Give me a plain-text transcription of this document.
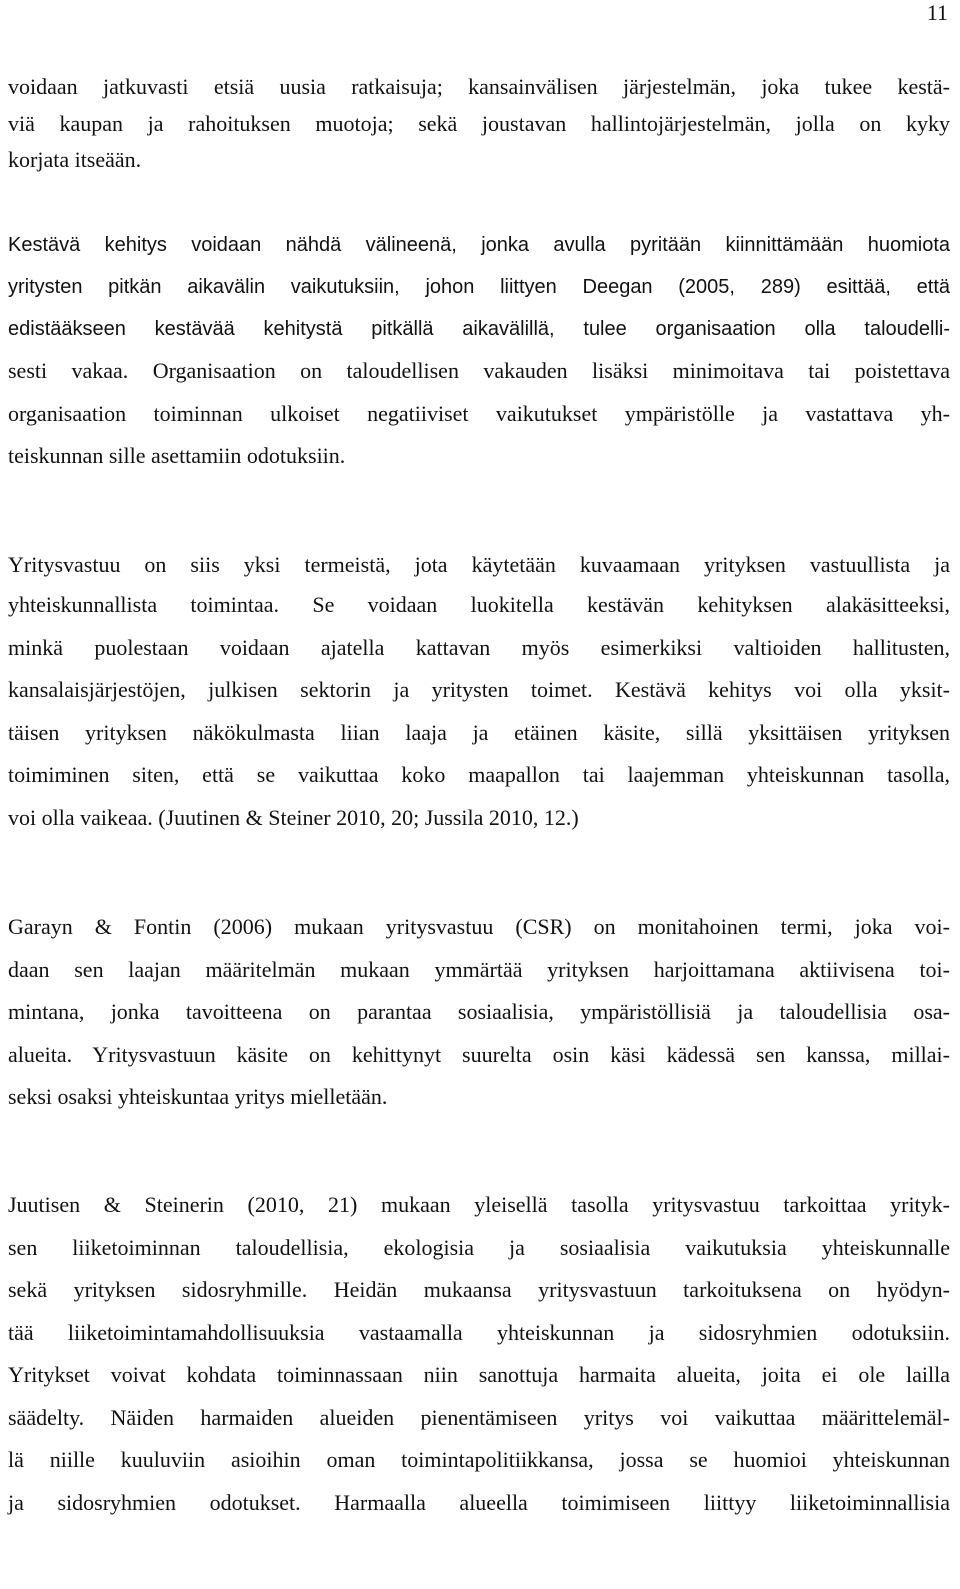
11
voidaan jatkuvasti etsiä uusia ratkaisuja; kansainvälisen järjestelmän, joka tukee kestä-
viä kaupan ja rahoituksen muotoja; sekä joustavan hallintojärjestelmän, jolla on kyky
korjata itseään.
Kestävä kehitys voidaan nähdä välineenä, jonka avulla pyritään kiinnittämään huomiota
yritysten pitkän aikavälin vaikutuksiin, johon liittyen Deegan (2005, 289) esittää, että
edistääkseen kestävää kehitystä pitkällä aikavälillä, tulee organisaation olla taloudelli-
sesti vakaa. Organisaation on taloudellisen vakauden lisäksi minimoitava tai poistettava
organisaation toiminnan ulkoiset negatiiviset vaikutukset ympäristölle ja vastattava yh-
teiskunnan sille asettamiin odotuksiin.
Yritysvastuu on siis yksi termeistä, jota käytetään kuvaamaan yrityksen vastuullista ja
yhteiskunnallista toimintaa. Se voidaan luokitella kestävän kehityksen alakäsitteeksi,
minkä puolestaan voidaan ajatella kattavan myös esimerkiksi valtioiden hallitusten,
kansalaisjärjestöjen, julkisen sektorin ja yritysten toimet. Kestävä kehitys voi olla yksit-
täisen yrityksen näkökulmasta liian laaja ja etäinen käsite, sillä yksittäisen yrityksen
toimiminen siten, että se vaikuttaa koko maapallon tai laajemman yhteiskunnan tasolla,
voi olla vaikeaa. (Juutinen & Steiner 2010, 20; Jussila 2010, 12.)
Garayn & Fontin (2006) mukaan yritysvastuu (CSR) on monitahoinen termi, joka voi-
daan sen laajan määritelmän mukaan ymmärtää yrityksen harjoittamana aktiivisena toi-
mintana, jonka tavoitteena on parantaa sosiaalisia, ympäristöllisiä ja taloudellisia osa-
alueita. Yritysvastuun käsite on kehittynyt suurelta osin käsi kädessä sen kanssa, millai-
seksi osaksi yhteiskuntaa yritys mielletään.
Juutisen & Steinerin (2010, 21) mukaan yleisellä tasolla yritysvastuu tarkoittaa yrityk-
sen liiketoiminnan taloudellisia, ekologisia ja sosiaalisia vaikutuksia yhteiskunnalle
sekä yrityksen sidosryhmille. Heidän mukaansa yritysvastuun tarkoituksena on hyödyn-
tää liiketoimintamahdollisuuksia vastaamalla yhteiskunnan ja sidosryhmien odotuksiin.
Yritykset voivat kohdata toiminnassaan niin sanottuja harmaita alueita, joita ei ole lailla
säädelty. Näiden harmaiden alueiden pienentämiseen yritys voi vaikuttaa määrittelemäl-
lä niille kuuluviin asioihin oman toimintapolitiikkansa, jossa se huomioi yhteiskunnan
ja sidosryhmien odotukset. Harmaalla alueella toimimiseen liittyy liiketoiminnallisia
